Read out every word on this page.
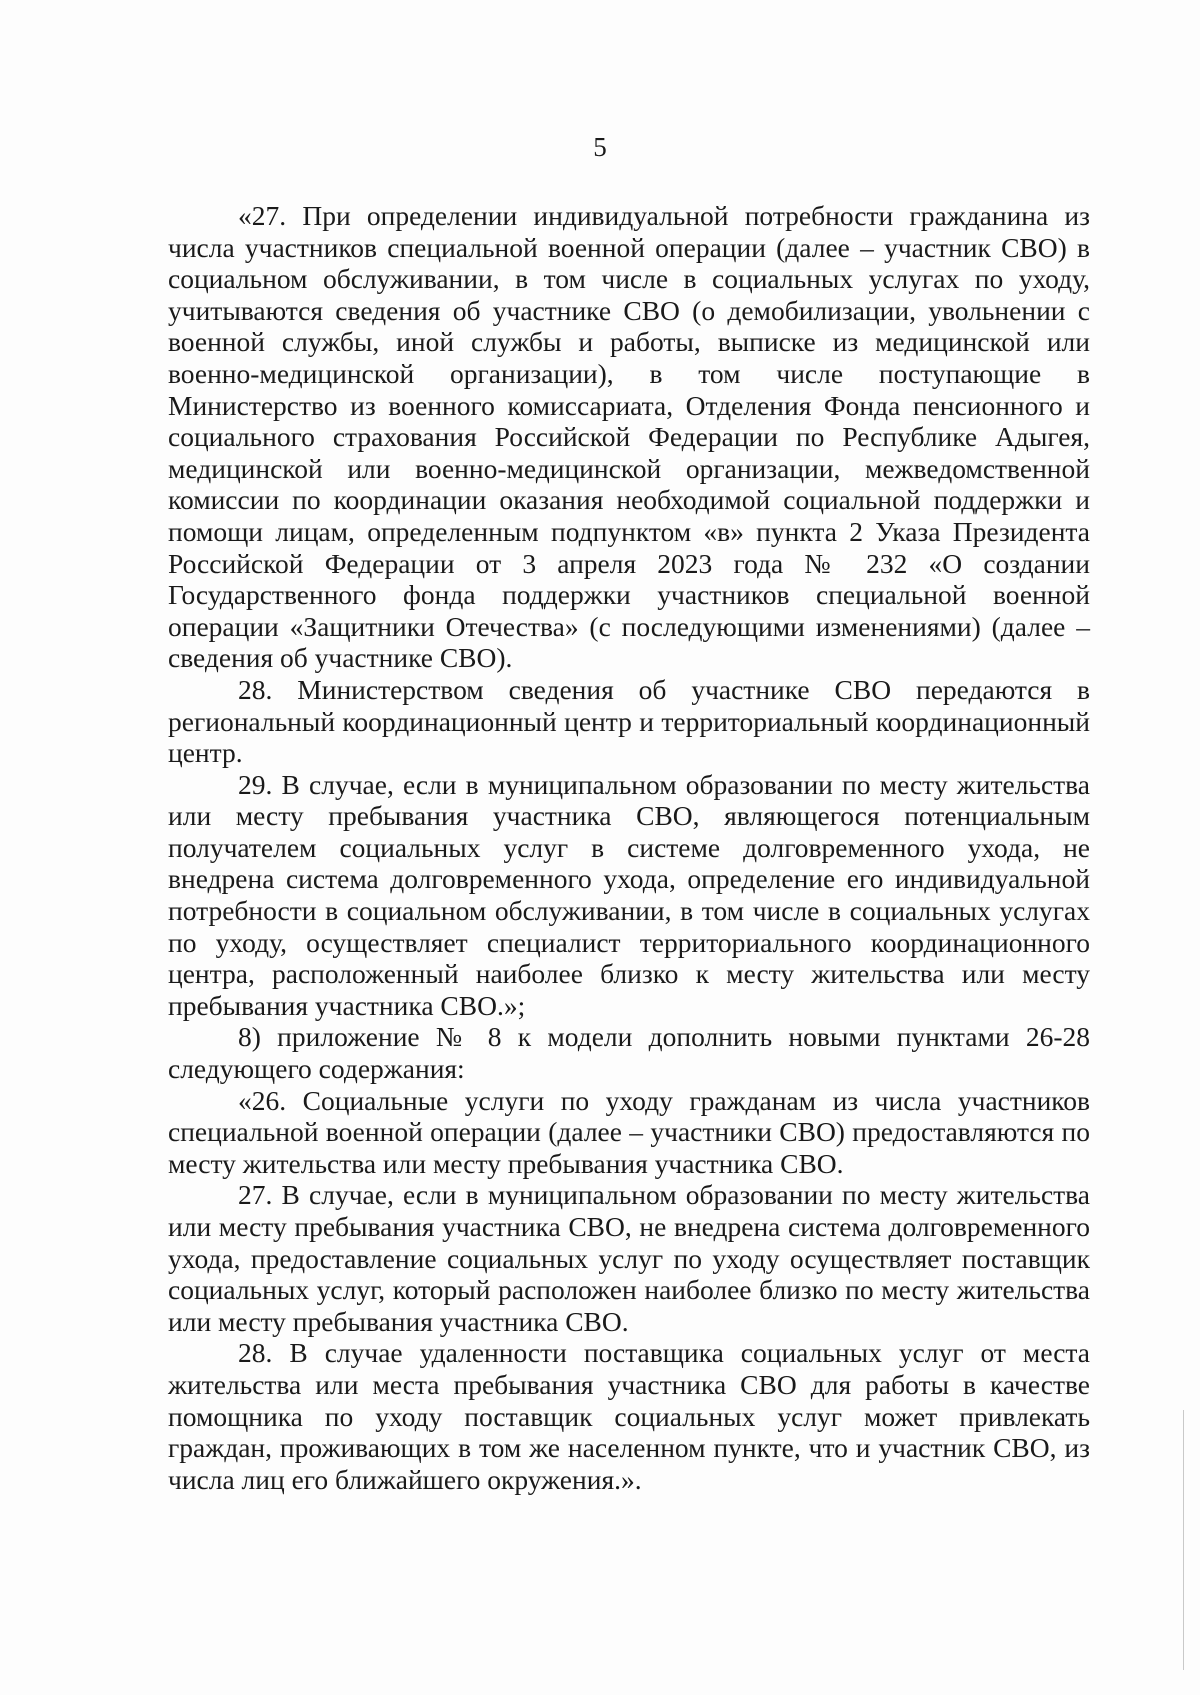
5

«27. При определении индивидуальной потребности гражданина из числа участников специальной военной операции (далее – участник СВО) в социальном обслуживании, в том числе в социальных услугах по уходу, учитываются сведения об участнике СВО (о демобилизации, увольнении с военной службы, иной службы и работы, выписке из медицинской или военно-медицинской организации), в том числе поступающие в Министерство из военного комиссариата, Отделения Фонда пенсионного и социального страхования Российской Федерации по Республике Адыгея, медицинской или военно-медицинской организации, межведомственной комиссии по координации оказания необходимой социальной поддержки и помощи лицам, определенным подпунктом «в» пункта 2 Указа Президента Российской Федерации от 3 апреля 2023 года № 232 «О создании Государственного фонда поддержки участников специальной военной операции «Защитники Отечества» (с последующими изменениями) (далее – сведения об участнике СВО).

28. Министерством сведения об участнике СВО передаются в региональный координационный центр и территориальный координационный центр.

29. В случае, если в муниципальном образовании по месту жительства или месту пребывания участника СВО, являющегося потенциальным получателем социальных услуг в системе долговременного ухода, не внедрена система долговременного ухода, определение его индивидуальной потребности в социальном обслуживании, в том числе в социальных услугах по уходу, осуществляет специалист территориального координационного центра, расположенный наиболее близко к месту жительства или месту пребывания участника СВО.»;

8) приложение № 8 к модели дополнить новыми пунктами 26-28 следующего содержания:

«26. Социальные услуги по уходу гражданам из числа участников специальной военной операции (далее – участники СВО) предоставляются по месту жительства или месту пребывания участника СВО.

27. В случае, если в муниципальном образовании по месту жительства или месту пребывания участника СВО, не внедрена система долговременного ухода, предоставление социальных услуг по уходу осуществляет поставщик социальных услуг, который расположен наиболее близко по месту жительства или месту пребывания участника СВО.

28. В случае удаленности поставщика социальных услуг от места жительства или места пребывания участника СВО для работы в качестве помощника по уходу поставщик социальных услуг может привлекать граждан, проживающих в том же населенном пункте, что и участник СВО, из числа лиц его ближайшего окружения.».
